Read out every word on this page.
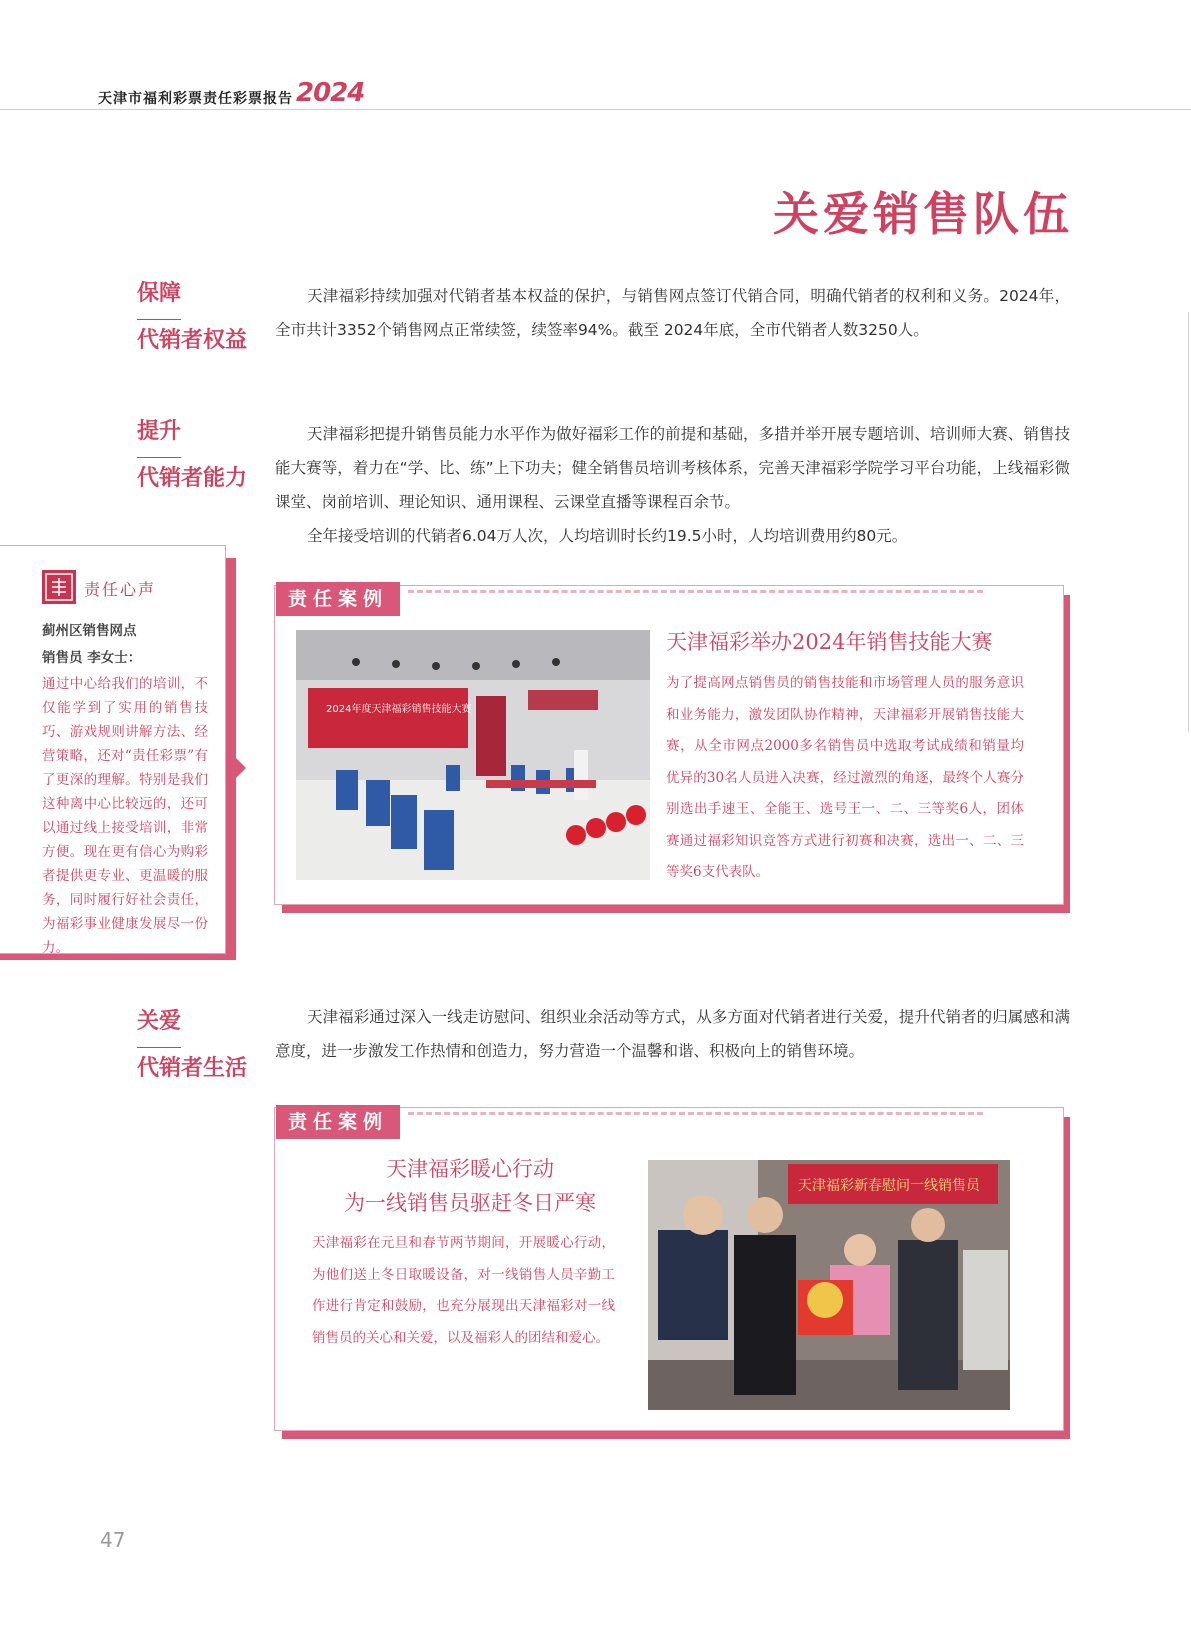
天津市福利彩票责任彩票报告 2024
关爱销售队伍
保障
代销者权益
天津福彩持续加强对代销者基本权益的保护，与销售网点签订代销合同，明确代销者的权利和义务。2024年，全市共计3352个销售网点正常续签，续签率94%。截至 2024年底，全市代销者人数3250人。
提升
代销者能力
天津福彩把提升销售员能力水平作为做好福彩工作的前提和基础，多措并举开展专题培训、培训师大赛、销售技能大赛等，着力在“学、比、练”上下功夫；健全销售员培训考核体系，完善天津福彩学院学习平台功能，上线福彩微课堂、岗前培训、理论知识、通用课程、云课堂直播等课程百余节。
全年接受培训的代销者6.04万人次，人均培训时长约19.5小时，人均培训费用约80元。
责任心声
蓟州区销售网点
销售员 李女士：
通过中心给我们的培训，不仅能学到了实用的销售技巧、游戏规则讲解方法、经营策略，还对“责任彩票”有了更深的理解。特别是我们这种离中心比较远的，还可以通过线上接受培训，非常方便。现在更有信心为购彩者提供更专业、更温暖的服务，同时履行好社会责任，为福彩事业健康发展尽一份力。
责任案例
2024年度天津福彩销售技能大赛
天津福彩举办2024年销售技能大赛
为了提高网点销售员的销售技能和市场管理人员的服务意识和业务能力，激发团队协作精神，天津福彩开展销售技能大赛，从全市网点2000多名销售员中选取考试成绩和销量均优异的30名人员进入决赛，经过激烈的角逐，最终个人赛分别选出手速王、全能王、选号王一、二、三等奖6人，团体赛通过福彩知识竞答方式进行初赛和决赛，选出一、二、三等奖6支代表队。
关爱
代销者生活
天津福彩通过深入一线走访慰问、组织业余活动等方式，从多方面对代销者进行关爱，提升代销者的归属感和满意度，进一步激发工作热情和创造力，努力营造一个温馨和谐、积极向上的销售环境。
责任案例
天津福彩暖心行动
为一线销售员驱赶冬日严寒
天津福彩在元旦和春节两节期间，开展暖心行动，为他们送上冬日取暖设备，对一线销售人员辛勤工作进行肯定和鼓励，也充分展现出天津福彩对一线销售员的关心和关爱，以及福彩人的团结和爱心。
天津福彩新春慰问一线销售员
47
